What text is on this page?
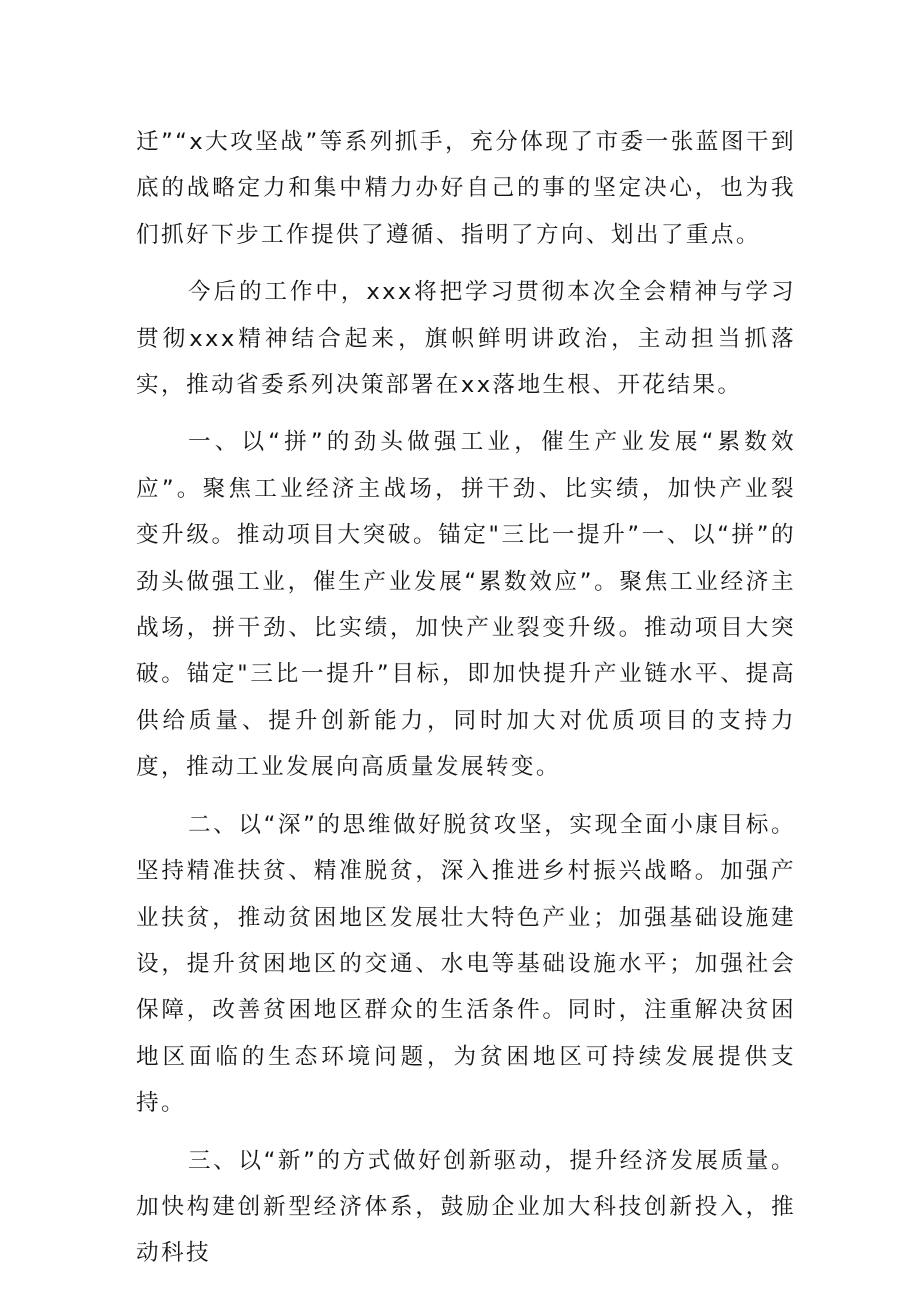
迁”“x大攻坚战”等系列抓手，充分体现了市委一张蓝图干到底的战略定力和集中精力办好自己的事的坚定决心，也为我们抓好下步工作提供了遵循、指明了方向、划出了重点。

今后的工作中，xxx将把学习贯彻本次全会精神与学习贯彻xxx精神结合起来，旗帜鲜明讲政治，主动担当抓落实，推动省委系列决策部署在xx落地生根、开花结果。

一、以“拼”的劲头做强工业，催生产业发展“累数效应”。聚焦工业经济主战场，拼干劲、比实绩，加快产业裂变升级。推动项目大突破。锚定"三比一提升”一、以“拼”的劲头做强工业，催生产业发展“累数效应”。聚焦工业经济主战场，拼干劲、比实绩，加快产业裂变升级。推动项目大突破。锚定"三比一提升”目标，即加快提升产业链水平、提高供给质量、提升创新能力，同时加大对优质项目的支持力度，推动工业发展向高质量发展转变。

二、以“深”的思维做好脱贫攻坚，实现全面小康目标。坚持精准扶贫、精准脱贫，深入推进乡村振兴战略。加强产业扶贫，推动贫困地区发展壮大特色产业；加强基础设施建设，提升贫困地区的交通、水电等基础设施水平；加强社会保障，改善贫困地区群众的生活条件。同时，注重解决贫困地区面临的生态环境问题，为贫困地区可持续发展提供支持。

三、以“新”的方式做好创新驱动，提升经济发展质量。加快构建创新型经济体系，鼓励企业加大科技创新投入，推动科技
